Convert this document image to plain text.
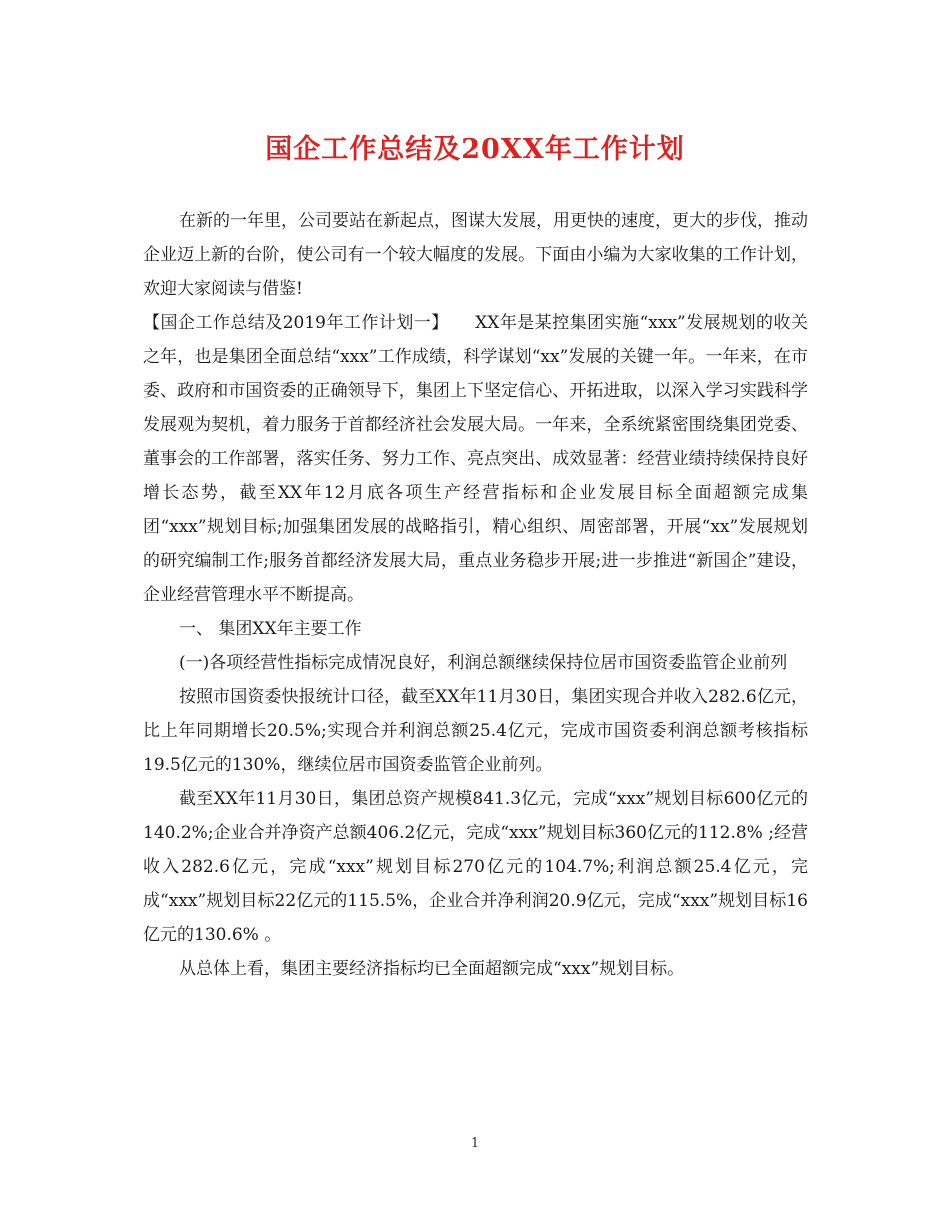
国企工作总结及20XX年工作计划

在新的一年里，公司要站在新起点，图谋大发展，用更快的速度，更大的步伐，推动企业迈上新的台阶，使公司有一个较大幅度的发展。下面由小编为大家收集的工作计划，欢迎大家阅读与借鉴!

【国企工作总结及2019年工作计划一】　　XX年是某控集团实施“xxx”发展规划的收关之年，也是集团全面总结“xxx”工作成绩，科学谋划“xx”发展的关键一年。一年来，在市委、政府和市国资委的正确领导下，集团上下坚定信心、开拓进取，以深入学习实践科学发展观为契机，着力服务于首都经济社会发展大局。一年来，全系统紧密围绕集团党委、董事会的工作部署，落实任务、努力工作、亮点突出、成效显著：经营业绩持续保持良好增长态势，截至XX年12月底各项生产经营指标和企业发展目标全面超额完成集团“xxx”规划目标;加强集团发展的战略指引，精心组织、周密部署，开展“xx”发展规划的研究编制工作;服务首都经济发展大局，重点业务稳步开展;进一步推进“新国企”建设，企业经营管理水平不断提高。

一、 集团XX年主要工作

(一)各项经营性指标完成情况良好，利润总额继续保持位居市国资委监管企业前列

按照市国资委快报统计口径，截至XX年11月30日，集团实现合并收入282.6亿元，比上年同期增长20.5%;实现合并利润总额25.4亿元，完成市国资委利润总额考核指标19.5亿元的130%，继续位居市国资委监管企业前列。

截至XX年11月30日，集团总资产规模841.3亿元，完成“xxx”规划目标600亿元的140.2%;企业合并净资产总额406.2亿元，完成“xxx”规划目标360亿元的112.8% ;经营收入282.6亿元，完成“xxx”规划目标270亿元的104.7%;利润总额25.4亿元，完成“xxx”规划目标22亿元的115.5%，企业合并净利润20.9亿元，完成“xxx”规划目标16亿元的130.6% 。

从总体上看，集团主要经济指标均已全面超额完成“xxx”规划目标。

1
